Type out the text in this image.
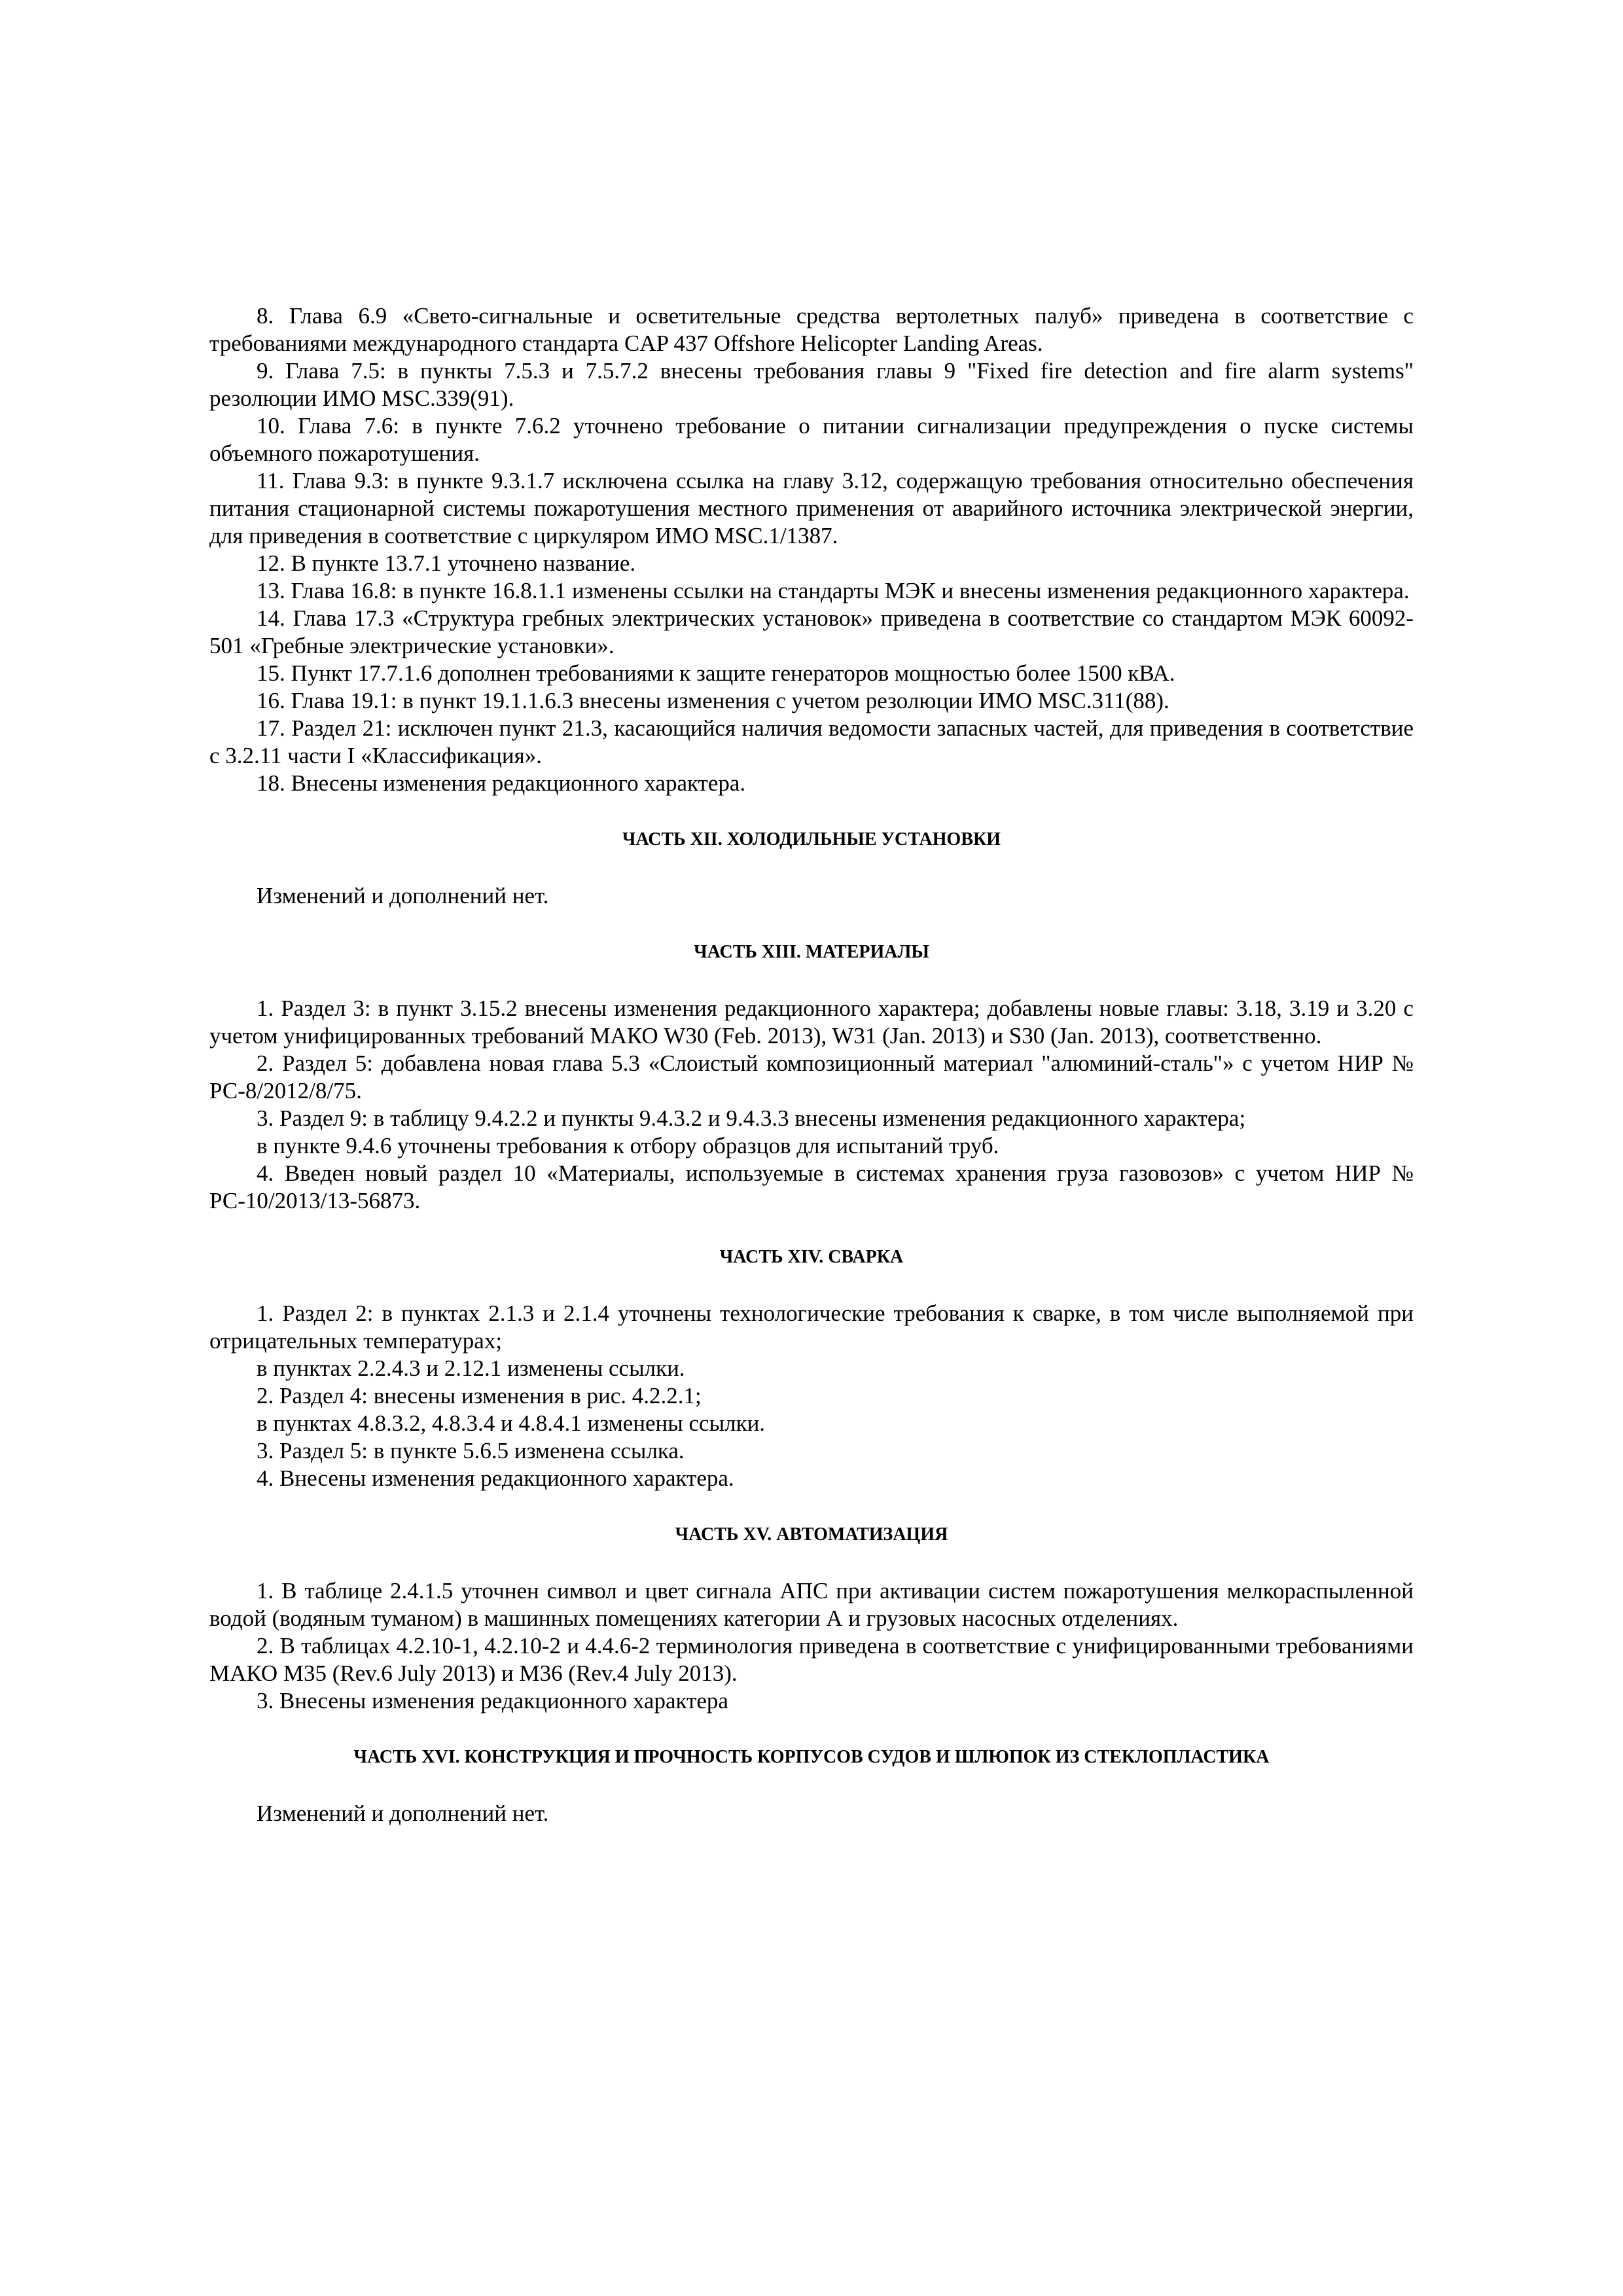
8. Глава 6.9 «Свето-сигнальные и осветительные средства вертолетных палуб» приведена в соответствие с требованиями международного стандарта CAP 437 Offshore Helicopter Landing Areas.

9. Глава 7.5: в пункты 7.5.3 и 7.5.7.2 внесены требования главы 9 "Fixed fire detection and fire alarm systems" резолюции ИМО MSC.339(91).

10. Глава 7.6: в пункте 7.6.2 уточнено требование о питании сигнализации предупреждения о пуске системы объемного пожаротушения.

11. Глава 9.3: в пункте 9.3.1.7 исключена ссылка на главу 3.12, содержащую требования относительно обеспечения питания стационарной системы пожаротушения местного применения от аварийного источника электрической энергии, для приведения в соответствие с циркуляром ИМО MSC.1/1387.

12. В пункте 13.7.1 уточнено название.

13. Глава 16.8: в пункте 16.8.1.1 изменены ссылки на стандарты МЭК и внесены изменения редакционного характера.

14. Глава 17.3 «Структура гребных электрических установок» приведена в соответствие со стандартом МЭК 60092-501 «Гребные электрические установки».

15. Пункт 17.7.1.6 дополнен требованиями к защите генераторов мощностью более 1500 кВА.

16. Глава 19.1: в пункт 19.1.1.6.3 внесены изменения с учетом резолюции ИМО MSC.311(88).

17. Раздел 21: исключен пункт 21.3, касающийся наличия ведомости запасных частей, для приведения в соответствие с 3.2.11 части I «Классификация».

18. Внесены изменения редакционного характера.

ЧАСТЬ XII. ХОЛОДИЛЬНЫЕ УСТАНОВКИ

Изменений и дополнений нет.

ЧАСТЬ XIII. МАТЕРИАЛЫ

1. Раздел 3: в пункт 3.15.2 внесены изменения редакционного характера; добавлены новые главы: 3.18, 3.19 и 3.20 с учетом унифицированных требований МАКО W30 (Feb. 2013), W31 (Jan. 2013) и S30 (Jan. 2013), соответственно.

2. Раздел 5: добавлена новая глава 5.3 «Слоистый композиционный материал "алюминий-сталь"» с учетом НИР № РС-8/2012/8/75.

3. Раздел 9: в таблицу 9.4.2.2 и пункты 9.4.3.2 и 9.4.3.3 внесены изменения редакционного характера;

в пункте 9.4.6 уточнены требования к отбору образцов для испытаний труб.

4. Введен новый раздел 10 «Материалы, используемые в системах хранения груза газовозов» с учетом НИР № РС-10/2013/13-56873.

ЧАСТЬ XIV. СВАРКА

1. Раздел 2: в пунктах 2.1.3 и 2.1.4 уточнены технологические требования к сварке, в том числе выполняемой при отрицательных температурах;

в пунктах 2.2.4.3 и 2.12.1 изменены ссылки.

2. Раздел 4: внесены изменения в рис. 4.2.2.1;

в пунктах 4.8.3.2, 4.8.3.4 и 4.8.4.1 изменены ссылки.

3. Раздел 5: в пункте 5.6.5 изменена ссылка.

4. Внесены изменения редакционного характера.

ЧАСТЬ XV. АВТОМАТИЗАЦИЯ

1. В таблице 2.4.1.5 уточнен символ и цвет сигнала АПС при активации систем пожаротушения мелкораспыленной водой (водяным туманом) в машинных помещениях категории А и грузовых насосных отделениях.

2. В таблицах 4.2.10-1, 4.2.10-2 и 4.4.6-2 терминология приведена в соответствие с унифицированными требованиями МАКО M35 (Rev.6 July 2013) и M36 (Rev.4 July 2013).

3. Внесены изменения редакционного характера

ЧАСТЬ XVI. КОНСТРУКЦИЯ И ПРОЧНОСТЬ КОРПУСОВ СУДОВ И ШЛЮПОК ИЗ СТЕКЛОПЛАСТИКА

Изменений и дополнений нет.
